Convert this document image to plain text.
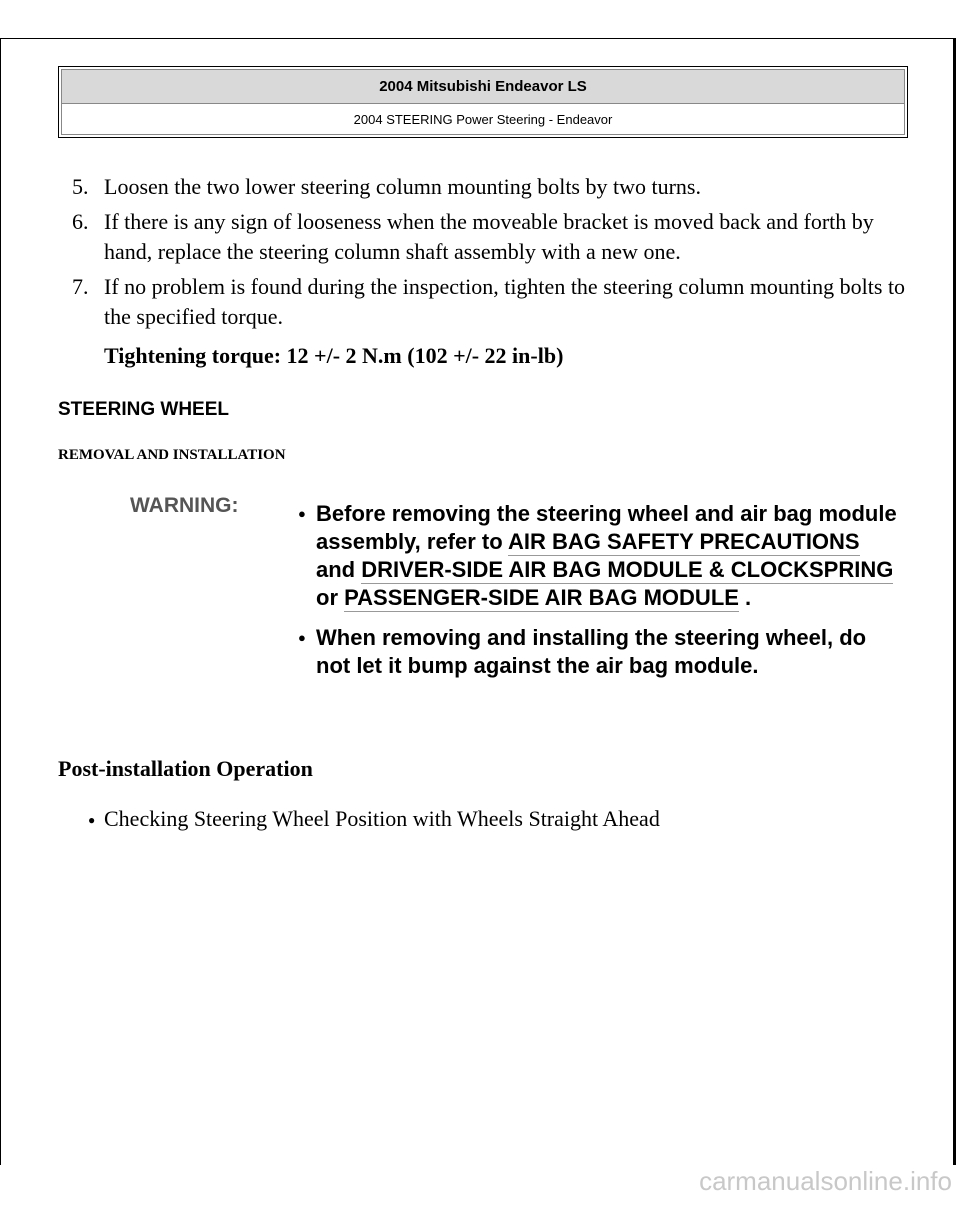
2004 Mitsubishi Endeavor LS
2004 STEERING Power Steering - Endeavor
5. Loosen the two lower steering column mounting bolts by two turns.
6. If there is any sign of looseness when the moveable bracket is moved back and forth by hand, replace the steering column shaft assembly with a new one.
7. If no problem is found during the inspection, tighten the steering column mounting bolts to the specified torque.
Tightening torque: 12 +/- 2 N.m (102 +/- 22 in-lb)
STEERING WHEEL
REMOVAL AND INSTALLATION
WARNING:	● Before removing the steering wheel and air bag module assembly, refer to AIR BAG SAFETY PRECAUTIONS and DRIVER-SIDE AIR BAG MODULE & CLOCKSPRING or PASSENGER-SIDE AIR BAG MODULE .
● When removing and installing the steering wheel, do not let it bump against the air bag module.
Post-installation Operation
● Checking Steering Wheel Position with Wheels Straight Ahead
carmanualsonline.info
